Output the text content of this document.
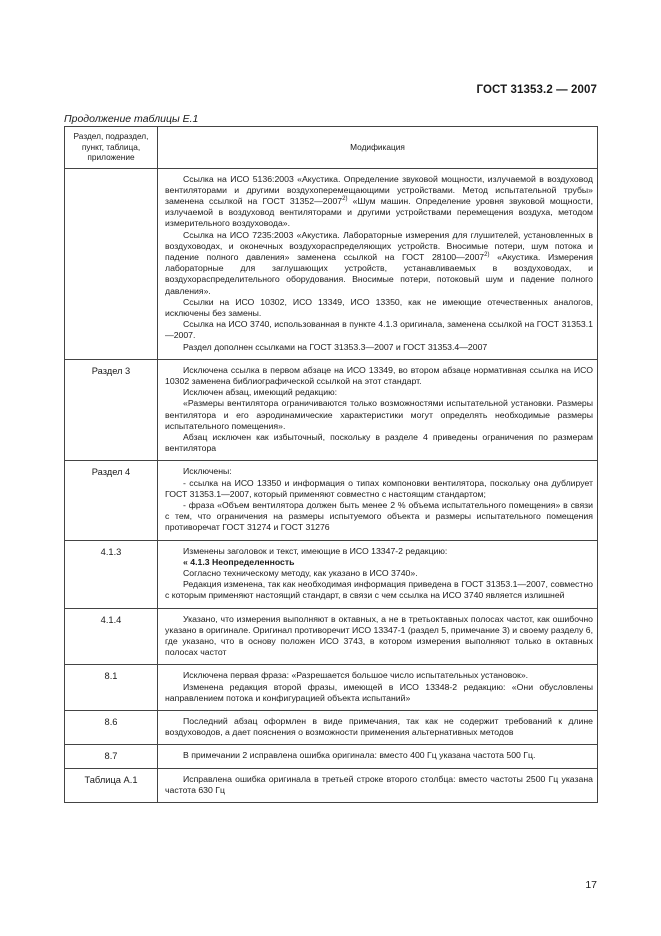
ГОСТ 31353.2 — 2007
Продолжение таблицы Е.1
Раздел, подраздел, пункт, таблица, приложение	Модификация

	Ссылка на ИСО 5136:2003 «Акустика. Определение звуковой мощности, излучаемой в воздуховод вентиляторами и другими воздухоперемещающими устройствами. Метод испытательной трубы» заменена ссылкой на ГОСТ 31352—2007$^{2)}$ «Шум машин. Определение уровня звуковой мощности, излучаемой в воздуховод вентиляторами и другими устройствами перемещения воздуха, методом измерительного воздуховода».

Ссылка на ИСО 7235:2003 «Акустика. Лабораторные измерения для глушителей, установленных в воздуховодах, и оконечных воздухораспределяющих устройств. Вносимые потери, шум потока и падение полного давления» заменена ссылкой на ГОСТ 28100—2007$^{2)}$ «Акустика. Измерения лабораторные для заглушающих устройств, устанавливаемых в воздуховодах, и воздухораспределительного оборудования. Вносимые потери, потоковый шум и падение полного давления».

Ссылки на ИСО 10302, ИСО 13349, ИСО 13350, как не имеющие отечественных аналогов, исключены без замены.

Ссылка на ИСО 3740, использованная в пункте 4.1.3 оригинала, заменена ссылкой на ГОСТ 31353.1—2007.

Раздел дополнен ссылками на ГОСТ 31353.3—2007 и ГОСТ 31353.4—2007

Раздел 3	Исключена ссылка в первом абзаце на ИСО 13349, во втором абзаце нормативная ссылка на ИСО 10302 заменена библиографической ссылкой на этот стандарт.

Исключен абзац, имеющий редакцию:

«Размеры вентилятора ограничиваются только возможностями испытательной установки. Размеры вентилятора и его аэродинамические характеристики могут определять необходимые размеры испытательного помещения».

Абзац исключен как избыточный, поскольку в разделе 4 приведены ограничения по размерам вентилятора

Раздел 4	Исключены:

- ссылка на ИСО 13350 и информация о типах компоновки вентилятора, поскольку она дублирует ГОСТ 31353.1—2007, который применяют совместно с настоящим стандартом;

- фраза «Объем вентилятора должен быть менее 2 % объема испытательного помещения» в связи с тем, что ограничения на размеры испытуемого объекта и размеры испытательного помещения противоречат ГОСТ 31274 и ГОСТ 31276

4.1.3	Изменены заголовок и текст, имеющие в ИСО 13347-2 редакцию:

« 4.1.3 Неопределенность

Согласно техническому методу, как указано в ИСО 3740».

Редакция изменена, так как необходимая информация приведена в ГОСТ 31353.1—2007, совместно с которым применяют настоящий стандарт, в связи с чем ссылка на ИСО 3740 является излишней

4.1.4	Указано, что измерения выполняют в октавных, а не в третьоктавных полосах частот, как ошибочно указано в оригинале. Оригинал противоречит ИСО 13347-1 (раздел 5, примечание 3) и своему разделу 6, где указано, что в основу положен ИСО 3743, в котором измерения выполняют только в октавных полосах частот

8.1	Исключена первая фраза: «Разрешается большое число испытательных установок».

Изменена редакция второй фразы, имеющей в ИСО 13348-2 редакцию: «Они обусловлены направлением потока и конфигурацией объекта испытаний»

8.6	Последний абзац оформлен в виде примечания, так как не содержит требований к длине воздуховодов, а дает пояснения о возможности применения альтернативных методов

8.7	В примечании 2 исправлена ошибка оригинала: вместо 400 Гц указана частота 500 Гц.

Таблица А.1	Исправлена ошибка оригинала в третьей строке второго столбца: вместо частоты 2500 Гц указана частота 630 Гц

17
